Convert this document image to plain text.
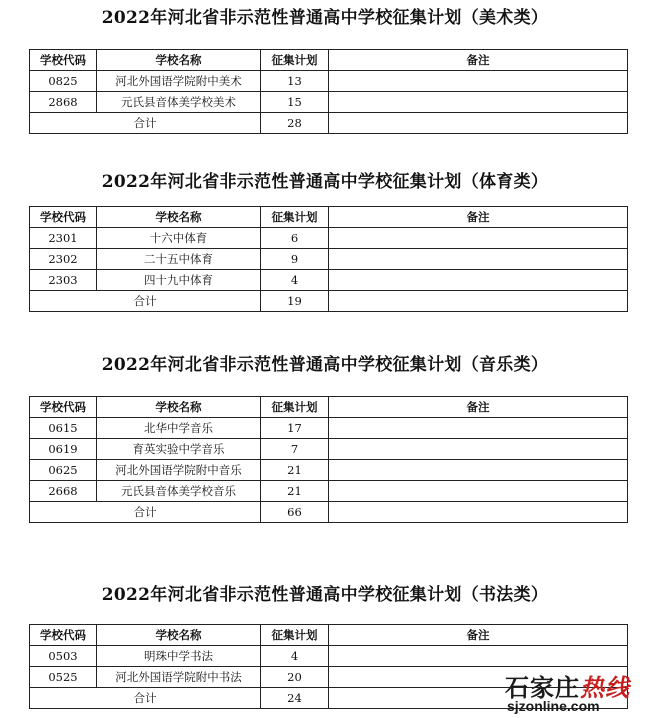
2022年河北省非示范性普通高中学校征集计划（美术类）
学校代码	学校名称	征集计划	备注
0825	河北外国语学院附中美术	13	
2868	元氏县音体美学校美术	15	
合计		28	
2022年河北省非示范性普通高中学校征集计划（体育类）
学校代码	学校名称	征集计划	备注
2301	十六中体育	6	
2302	二十五中体育	9	
2303	四十九中体育	4	
合计		19	
2022年河北省非示范性普通高中学校征集计划（音乐类）
学校代码	学校名称	征集计划	备注
0615	北华中学音乐	17	
0619	育英实验中学音乐	7	
0625	河北外国语学院附中音乐	21	
2668	元氏县音体美学校音乐	21	
合计		66	
2022年河北省非示范性普通高中学校征集计划（书法类）
学校代码	学校名称	征集计划	备注
0503	明珠中学书法	4	
0525	河北外国语学院附中书法	20	
合计		24		石家庄热线
sjzonline.com
